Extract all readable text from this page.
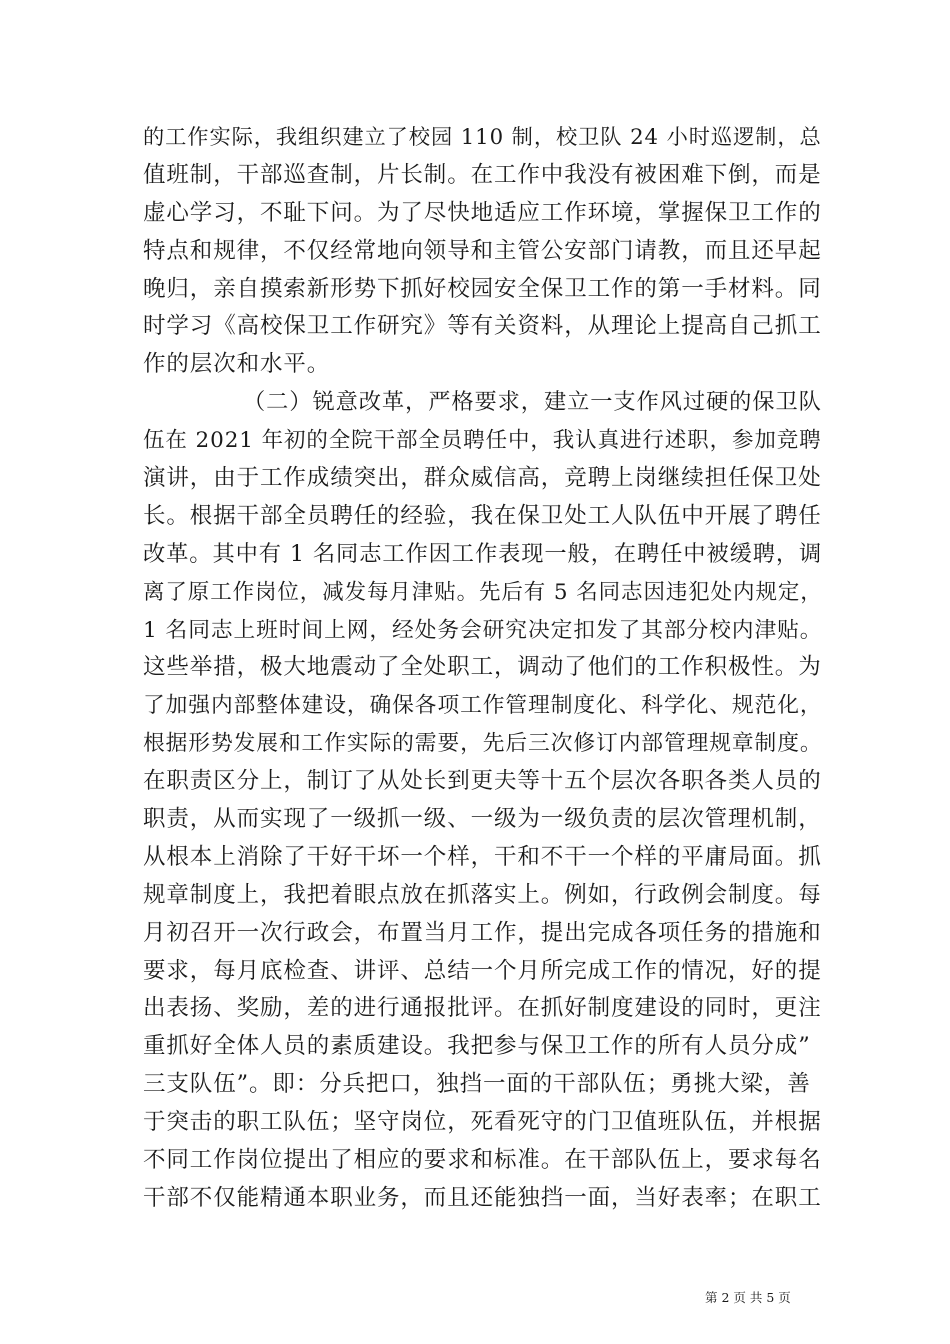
的工作实际，我组织建立了校园 110 制，校卫队 24 小时巡逻制，总
值班制，干部巡查制，片长制。在工作中我没有被困难下倒，而是
虚心学习，不耻下问。为了尽快地适应工作环境，掌握保卫工作的
特点和规律，不仅经常地向领导和主管公安部门请教，而且还早起
晚归，亲自摸索新形势下抓好校园安全保卫工作的第一手材料。同
时学习《高校保卫工作研究》等有关资料，从理论上提高自己抓工
作的层次和水平。
（二）锐意改革，严格要求，建立一支作风过硬的保卫队
伍在 2021 年初的全院干部全员聘任中，我认真进行述职，参加竞聘
演讲，由于工作成绩突出，群众威信高，竞聘上岗继续担任保卫处
长。根据干部全员聘任的经验，我在保卫处工人队伍中开展了聘任
改革。其中有 1 名同志工作因工作表现一般，在聘任中被缓聘，调
离了原工作岗位，减发每月津贴。先后有 5 名同志因违犯处内规定，
1 名同志上班时间上网，经处务会研究决定扣发了其部分校内津贴。
这些举措，极大地震动了全处职工，调动了他们的工作积极性。为
了加强内部整体建设，确保各项工作管理制度化、科学化、规范化，
根据形势发展和工作实际的需要，先后三次修订内部管理规章制度。
在职责区分上，制订了从处长到更夫等十五个层次各职各类人员的
职责，从而实现了一级抓一级、一级为一级负责的层次管理机制，
从根本上消除了干好干坏一个样，干和不干一个样的平庸局面。抓
规章制度上，我把着眼点放在抓落实上。例如，行政例会制度。每
月初召开一次行政会，布置当月工作，提出完成各项任务的措施和
要求，每月底检查、讲评、总结一个月所完成工作的情况，好的提
出表扬、奖励，差的进行通报批评。在抓好制度建设的同时，更注
重抓好全体人员的素质建设。我把参与保卫工作的所有人员分成”
三支队伍”。即：分兵把口，独挡一面的干部队伍；勇挑大梁，善
于突击的职工队伍；坚守岗位，死看死守的门卫值班队伍，并根据
不同工作岗位提出了相应的要求和标准。在干部队伍上，要求每名
干部不仅能精通本职业务，而且还能独挡一面，当好表率；在职工
第 2 页 共 5 页
